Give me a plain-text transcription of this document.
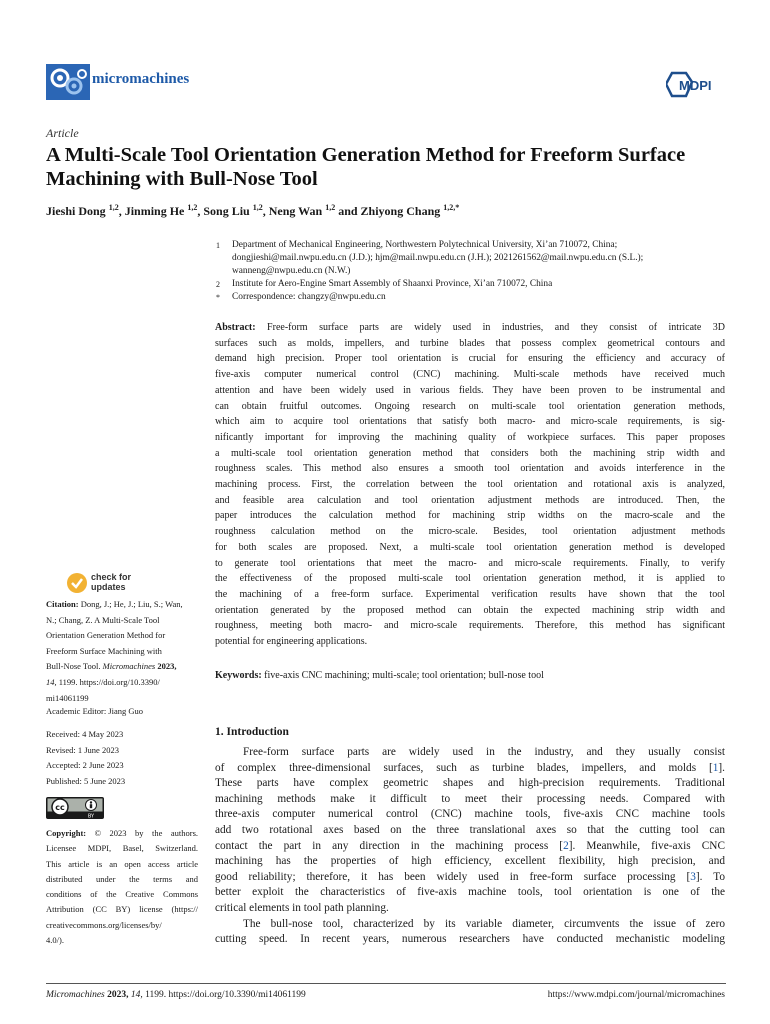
micromachines	MDPI
Article
A Multi-Scale Tool Orientation Generation Method for Freeform Surface Machining with Bull-Nose Tool
Jieshi Dong $^{1,2}$, Jinming He $^{1,2}$, Song Liu $^{1,2}$, Neng Wan $^{1,2}$ and Zhiyong Chang $^{1,2,*}$
1 Department of Mechanical Engineering, Northwestern Polytechnical University, Xi’an 710072, China;
dongjieshi@mail.nwpu.edu.cn (J.D.); hjm@mail.nwpu.edu.cn (J.H.); 2021261562@mail.nwpu.edu.cn (S.L.);
wanneng@nwpu.edu.cn (N.W.)
2 Institute for Aero-Engine Smart Assembly of Shaanxi Province, Xi’an 710072, China
* Correspondence: changzy@nwpu.edu.cn
Abstract: Free-form surface parts are widely used in industries, and they consist of intricate 3D
surfaces such as molds, impellers, and turbine blades that possess complex geometrical contours and
demand high precision. Proper tool orientation is crucial for ensuring the efficiency and accuracy of
five-axis computer numerical control (CNC) machining. Multi-scale methods have received much
attention and have been widely used in various fields. They have been proven to be instrumental and
can obtain fruitful outcomes. Ongoing research on multi-scale tool orientation generation methods,
which aim to acquire tool orientations that satisfy both macro- and micro-scale requirements, is sig-
nificantly important for improving the machining quality of workpiece surfaces. This paper proposes
a multi-scale tool orientation generation method that considers both the machining strip width and
roughness scales. This method also ensures a smooth tool orientation and avoids interference in the
machining process. First, the correlation between the tool orientation and rotational axis is analyzed,
and feasible area calculation and tool orientation adjustment methods are introduced. Then, the
paper introduces the calculation method for machining strip widths on the macro-scale and the
roughness calculation method on the micro-scale. Besides, tool orientation adjustment methods
for both scales are proposed. Next, a multi-scale tool orientation generation method is developed
to generate tool orientations that meet the macro- and micro-scale requirements. Finally, to verify
the effectiveness of the proposed multi-scale tool orientation generation method, it is applied to
the machining of a free-form surface. Experimental verification results have shown that the tool
orientation generated by the proposed method can obtain the expected machining strip width and
roughness, meeting both macro- and micro-scale requirements. Therefore, this method has significant
potential for engineering applications.
Keywords: five-axis CNC machining; multi-scale; tool orientation; bull-nose tool
check for
updates
Citation: Dong, J.; He, J.; Liu, S.; Wan,
N.; Chang, Z. A Multi-Scale Tool
Orientation Generation Method for
Freeform Surface Machining with
Bull-Nose Tool. Micromachines 2023,
14, 1199. https://doi.org/10.3390/
mi14061199
Academic Editor: Jiang Guo
Received: 4 May 2023
Revised: 1 June 2023
Accepted: 2 June 2023
Published: 5 June 2023
cc
BY
Copyright: © 2023 by the authors.
Licensee MDPI, Basel, Switzerland.
This article is an open access article
distributed under the terms and
conditions of the Creative Commons
Attribution (CC BY) license (https://
creativecommons.org/licenses/by/
4.0/).
1. Introduction
Free-form surface parts are widely used in the industry, and they usually consist
of complex three-dimensional surfaces, such as turbine blades, impellers, and molds [1].
These parts have complex geometric shapes and high-precision requirements. Traditional
machining methods make it difficult to meet their processing needs. Compared with
three-axis computer numerical control (CNC) machine tools, five-axis CNC machine tools
add two rotational axes based on the three translational axes so that the cutting tool can
contact the part in any direction in the machining process [2]. Meanwhile, five-axis CNC
machining has the properties of high efficiency, excellent flexibility, high precision, and
good reliability; therefore, it has been widely used in free-form surface processing [3]. To
better exploit the characteristics of five-axis machine tools, tool orientation is one of the
critical elements in tool path planning.
The bull-nose tool, characterized by its variable diameter, circumvents the issue of zero
cutting speed. In recent years, numerous researchers have conducted mechanistic modeling
Micromachines 2023, 14, 1199. https://doi.org/10.3390/mi14061199	https://www.mdpi.com/journal/micromachines
